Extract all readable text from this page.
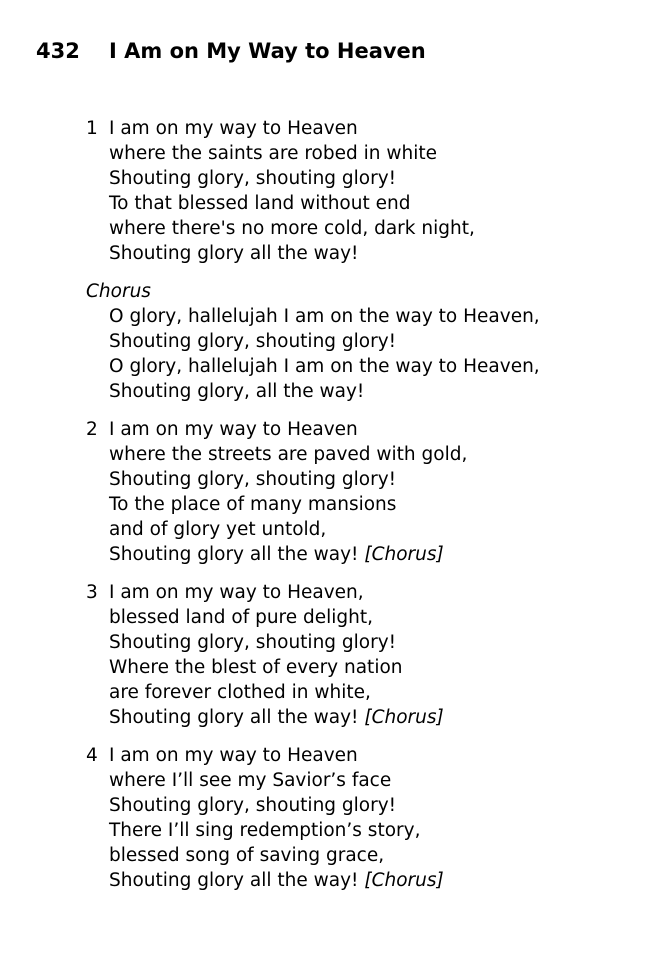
432 I Am on My Way to Heaven
1 I am on my way to Heaven
where the saints are robed in white
Shouting glory, shouting glory!
To that blessed land without end
where there's no more cold, dark night,
Shouting glory all the way!
Chorus
O glory, hallelujah I am on the way to Heaven,
Shouting glory, shouting glory!
O glory, hallelujah I am on the way to Heaven,
Shouting glory, all the way!
2 I am on my way to Heaven
where the streets are paved with gold,
Shouting glory, shouting glory!
To the place of many mansions
and of glory yet untold,
Shouting glory all the way! [Chorus]
3 I am on my way to Heaven,
blessed land of pure delight,
Shouting glory, shouting glory!
Where the blest of every nation
are forever clothed in white,
Shouting glory all the way! [Chorus]
4 I am on my way to Heaven
where I’ll see my Savior’s face
Shouting glory, shouting glory!
There I’ll sing redemption’s story,
blessed song of saving grace,
Shouting glory all the way! [Chorus]
